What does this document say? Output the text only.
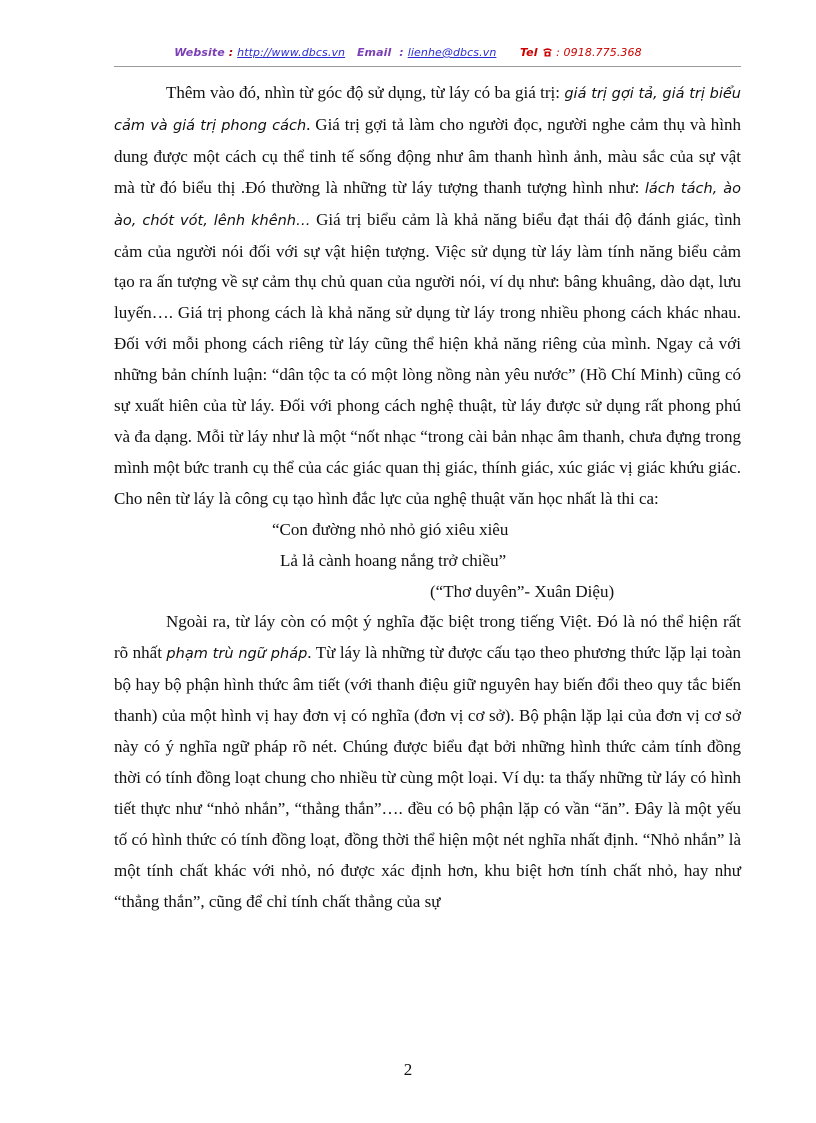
Website : http://www.dbcs.vn Email  : lienhe@dbcs.vn Tel  : 0918.775.368

Thêm vào đó, nhìn từ góc độ sử dụng, từ láy có ba giá trị: giá trị gợi tả, giá trị biểu cảm và giá trị phong cách. Giá trị gợi tả làm cho người đọc, người nghe cảm thụ và hình dung được một cách cụ thể tinh tế sống động như âm thanh hình ảnh, màu sắc của sự vật mà từ đó biểu thị .Đó thường là những từ láy tượng thanh tượng hình như: lách tách, ào ào, chót vót, lênh khênh… Giá trị biểu cảm là khả năng biểu đạt thái độ đánh giác, tình cảm của người nói đối với sự vật hiện tượng. Việc sử dụng từ láy làm tính năng biểu cảm tạo ra ấn tượng về sự cảm thụ chủ quan của người nói, ví dụ như: bâng khuâng, dào dạt, lưu luyến…. Giá trị phong cách là khả năng sử dụng từ láy trong nhiều phong cách khác nhau. Đối với mỗi phong cách riêng từ láy cũng thể hiện khả năng riêng của mình. Ngay cả với những bản chính luận: “dân tộc ta có một lòng nồng nàn yêu nước” (Hồ Chí Minh) cũng có sự xuất hiên của từ láy. Đối với phong cách nghệ thuật, từ láy được sử dụng rất phong phú và đa dạng. Mỗi từ láy như là một “nốt nhạc “trong cài bản nhạc âm thanh, chưa đựng trong mình một bức tranh cụ thể của các giác quan thị giác, thính giác, xúc giác vị giác khứu giác. Cho nên từ láy là công cụ tạo hình đắc lực của nghệ thuật văn học nhất là thi ca:

“Con đường nhỏ nhỏ gió xiêu xiêu
Lả lả cành hoang nắng trở chiều”
(“Thơ duyên”- Xuân Diệu)

Ngoài ra, từ láy còn có một ý nghĩa đặc biệt trong tiếng Việt. Đó là nó thể hiện rất rõ nhất phạm trù ngữ pháp. Từ láy là những từ được cấu tạo theo phương thức lặp lại toàn bộ hay bộ phận hình thức âm tiết (với thanh điệu giữ nguyên hay biến đổi theo quy tắc biến thanh) của một hình vị hay đơn vị có nghĩa (đơn vị cơ sở). Bộ phận lặp lại của đơn vị cơ sở này có ý nghĩa ngữ pháp rõ nét. Chúng được biểu đạt bởi những hình thức cảm tính đồng thời có tính đồng loạt chung cho nhiều từ cùng một loại. Ví dụ: ta thấy những từ láy có hình tiết thực như “nhỏ nhắn”, “thẳng thắn”…. đều có bộ phận lặp có vần “ăn”. Đây là một yếu tố có hình thức có tính đồng loạt, đồng thời thể hiện một nét nghĩa nhất định. “Nhỏ nhắn” là một tính chất khác với nhỏ, nó được xác định hơn, khu biệt hơn tính chất nhỏ, hay như “thẳng thắn”, cũng để chỉ tính chất thẳng của sự

2
